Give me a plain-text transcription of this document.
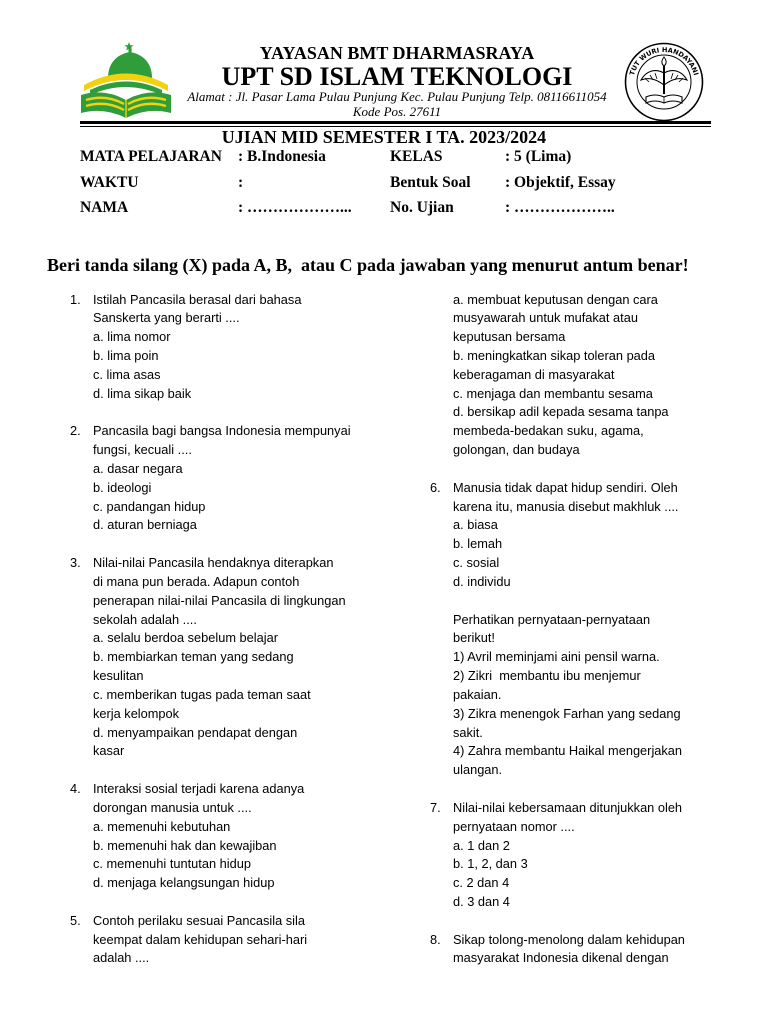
YAYASAN BMT DHARMASRAYA
UPT SD ISLAM TEKNOLOGI
Alamat : Jl. Pasar Lama Pulau Punjung Kec. Pulau Punjung Telp. 08116611054
Kode Pos. 27611
TUT WURI HANDAYANI
UJIAN MID SEMESTER I TA. 2023/2024
MATA PELAJARAN : B.Indonesia	KELAS	: 5 (Lima)
WAKTU	:	Bentuk Soal : Objektif, Essay
NAMA	: ………………... No. Ujian	: ………………..
Beri tanda silang (X) pada A, B,  atau C pada jawaban yang menurut antum benar!
1. Istilah Pancasila berasal dari bahasa
Sanskerta yang berarti ....
a. lima nomor
b. lima poin
c. lima asas
d. lima sikap baik
2. Pancasila bagi bangsa Indonesia mempunyai
fungsi, kecuali ....
a. dasar negara
b. ideologi
c. pandangan hidup
d. aturan berniaga
3. Nilai-nilai Pancasila hendaknya diterapkan
di mana pun berada. Adapun contoh
penerapan nilai-nilai Pancasila di lingkungan
sekolah adalah ....
a. selalu berdoa sebelum belajar
b. membiarkan teman yang sedang
kesulitan
c. memberikan tugas pada teman saat
kerja kelompok
d. menyampaikan pendapat dengan
kasar
4. Interaksi sosial terjadi karena adanya
dorongan manusia untuk ....
a. memenuhi kebutuhan
b. memenuhi hak dan kewajiban
c. memenuhi tuntutan hidup
d. menjaga kelangsungan hidup
5. Contoh perilaku sesuai Pancasila sila
keempat dalam kehidupan sehari-hari
adalah ....
a. membuat keputusan dengan cara
musyawarah untuk mufakat atau
keputusan bersama
b. meningkatkan sikap toleran pada
keberagaman di masyarakat
c. menjaga dan membantu sesama
d. bersikap adil kepada sesama tanpa
membeda-bedakan suku, agama,
golongan, dan budaya
6. Manusia tidak dapat hidup sendiri. Oleh
karena itu, manusia disebut makhluk ....
a. biasa
b. lemah
c. sosial
d. individu
Perhatikan pernyataan-pernyataan
berikut!
1) Avril meminjami aini pensil warna.
2) Zikri  membantu ibu menjemur
pakaian.
3) Zikra menengok Farhan yang sedang
sakit.
4) Zahra membantu Haikal mengerjakan
ulangan.
7. Nilai-nilai kebersamaan ditunjukkan oleh
pernyataan nomor ....
a. 1 dan 2
b. 1, 2, dan 3
c. 2 dan 4
d. 3 dan 4
8. Sikap tolong-menolong dalam kehidupan
masyarakat Indonesia dikenal dengan
